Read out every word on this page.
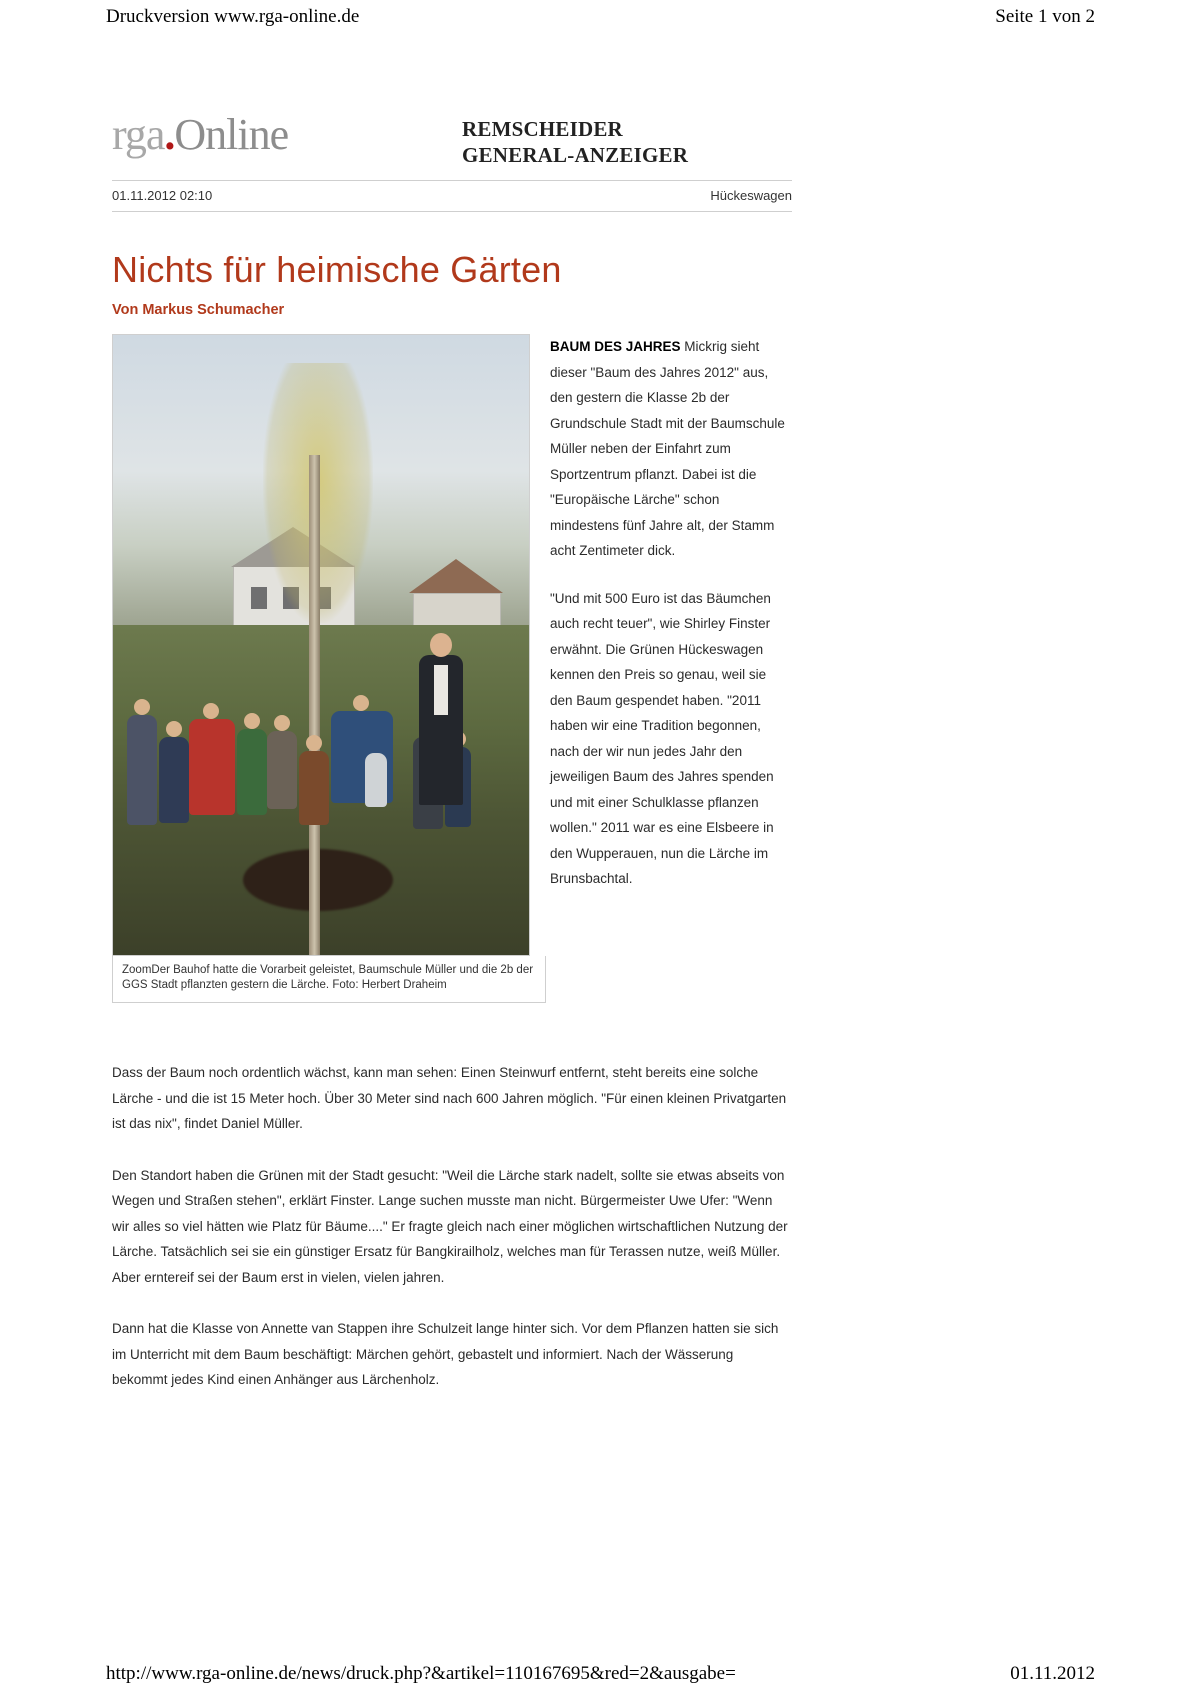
Druckversion www.rga-online.de	Seite 1 von 2
rga.Online	REMSCHEIDER
GENERAL-ANZEIGER
01.11.2012 02:10	Hückeswagen
Nichts für heimische Gärten
Von Markus Schumacher
ZoomDer Bauhof hatte die Vorarbeit geleistet, Baumschule Müller und die 2b der GGS Stadt pflanzten gestern die Lärche. Foto: Herbert Draheim

BAUM DES JAHRES Mickrig sieht dieser "Baum des Jahres 2012" aus, den gestern die Klasse 2b der Grundschule Stadt mit der Baumschule Müller neben der Einfahrt zum Sportzentrum pflanzt. Dabei ist die "Europäische Lärche" schon mindestens fünf Jahre alt, der Stamm acht Zentimeter dick.

"Und mit 500 Euro ist das Bäumchen auch recht teuer", wie Shirley Finster erwähnt. Die Grünen Hückeswagen kennen den Preis so genau, weil sie den Baum gespendet haben. "2011 haben wir eine Tradition begonnen, nach der wir nun jedes Jahr den jeweiligen Baum des Jahres spenden und mit einer Schulklasse pflanzen wollen." 2011 war es eine Elsbeere in den Wupperauen, nun die Lärche im Brunsbachtal.

Dass der Baum noch ordentlich wächst, kann man sehen: Einen Steinwurf entfernt, steht bereits eine solche Lärche - und die ist 15 Meter hoch. Über 30 Meter sind nach 600 Jahren möglich. "Für einen kleinen Privatgarten ist das nix", findet Daniel Müller.

Den Standort haben die Grünen mit der Stadt gesucht: "Weil die Lärche stark nadelt, sollte sie etwas abseits von Wegen und Straßen stehen", erklärt Finster. Lange suchen musste man nicht. Bürgermeister Uwe Ufer: "Wenn wir alles so viel hätten wie Platz für Bäume...." Er fragte gleich nach einer möglichen wirtschaftlichen Nutzung der Lärche. Tatsächlich sei sie ein günstiger Ersatz für Bangkirailholz, welches man für Terassen nutze, weiß Müller. Aber erntereif sei der Baum erst in vielen, vielen jahren.

Dann hat die Klasse von Annette van Stappen ihre Schulzeit lange hinter sich. Vor dem Pflanzen hatten sie sich im Unterricht mit dem Baum beschäftigt: Märchen gehört, gebastelt und informiert. Nach der Wässerung bekommt jedes Kind einen Anhänger aus Lärchenholz.

http://www.rga-online.de/news/druck.php?&artikel=110167695&red=2&ausgabe=	01.11.2012
